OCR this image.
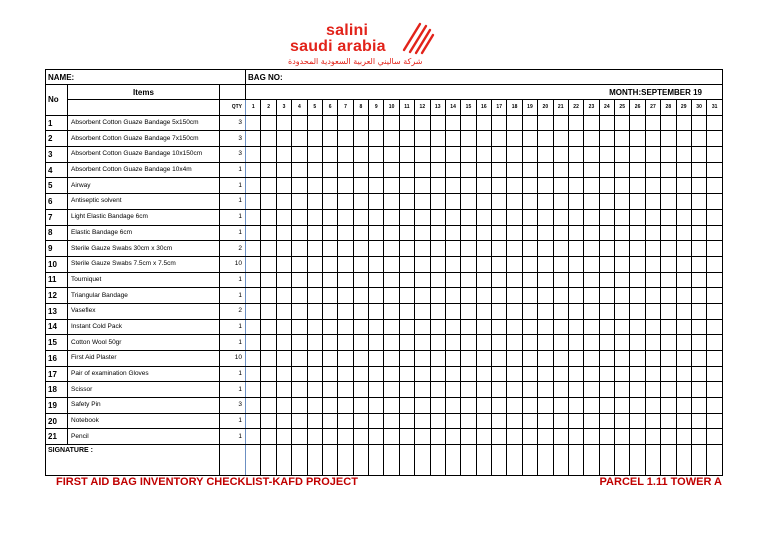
salini
saudi arabia
شركة ساليني العربية السعودية المحدودة
NAME:			BAG NO:																														
No	Items		MONTH:SEPTEMBER 19																														
		QTY	1	2	3	4	5	6	7	8	9	10	11	12	13	14	15	16	17	18	19	20	21	22	23	24	25	26	27	28	29	30	31
1	Absorbent Cotton Guaze Bandage 5x150cm	3																															
2	Absorbent Cotton Guaze Bandage 7x150cm	3																															
3	Absorbent Cotton Guaze Bandage 10x150cm	3																															
4	Absorbent Cotton Guaze Bandage 10x4m	1																															
5	Airway	1																															
6	Antiseptic solvent	1																															
7	Light Elastic Bandage 6cm	1																															
8	Elastic Bandage 6cm	1																															
9	Sterile Gauze Swabs 30cm x 30cm	2																															
10	Sterile Gauze Swabs 7.5cm x 7.5cm	10																															
11	Tourniquet	1																															
12	Triangular Bandage	1																															
13	Vaseflex	2																															
14	Instant Cold Pack	1																															
15	Cotton Wool 50gr	1																															
16	First Aid Plaster	10																															
17	Pair of examination Gloves	1																															
18	Scissor	1																															
19	Safety Pin	3																															
20	Notebook	1																															
21	Pencil	1																															
SIGNATURE :																																	
FIRST AID BAG INVENTORY CHECKLIST-KAFD PROJECT	PARCEL 1.11 TOWER A
